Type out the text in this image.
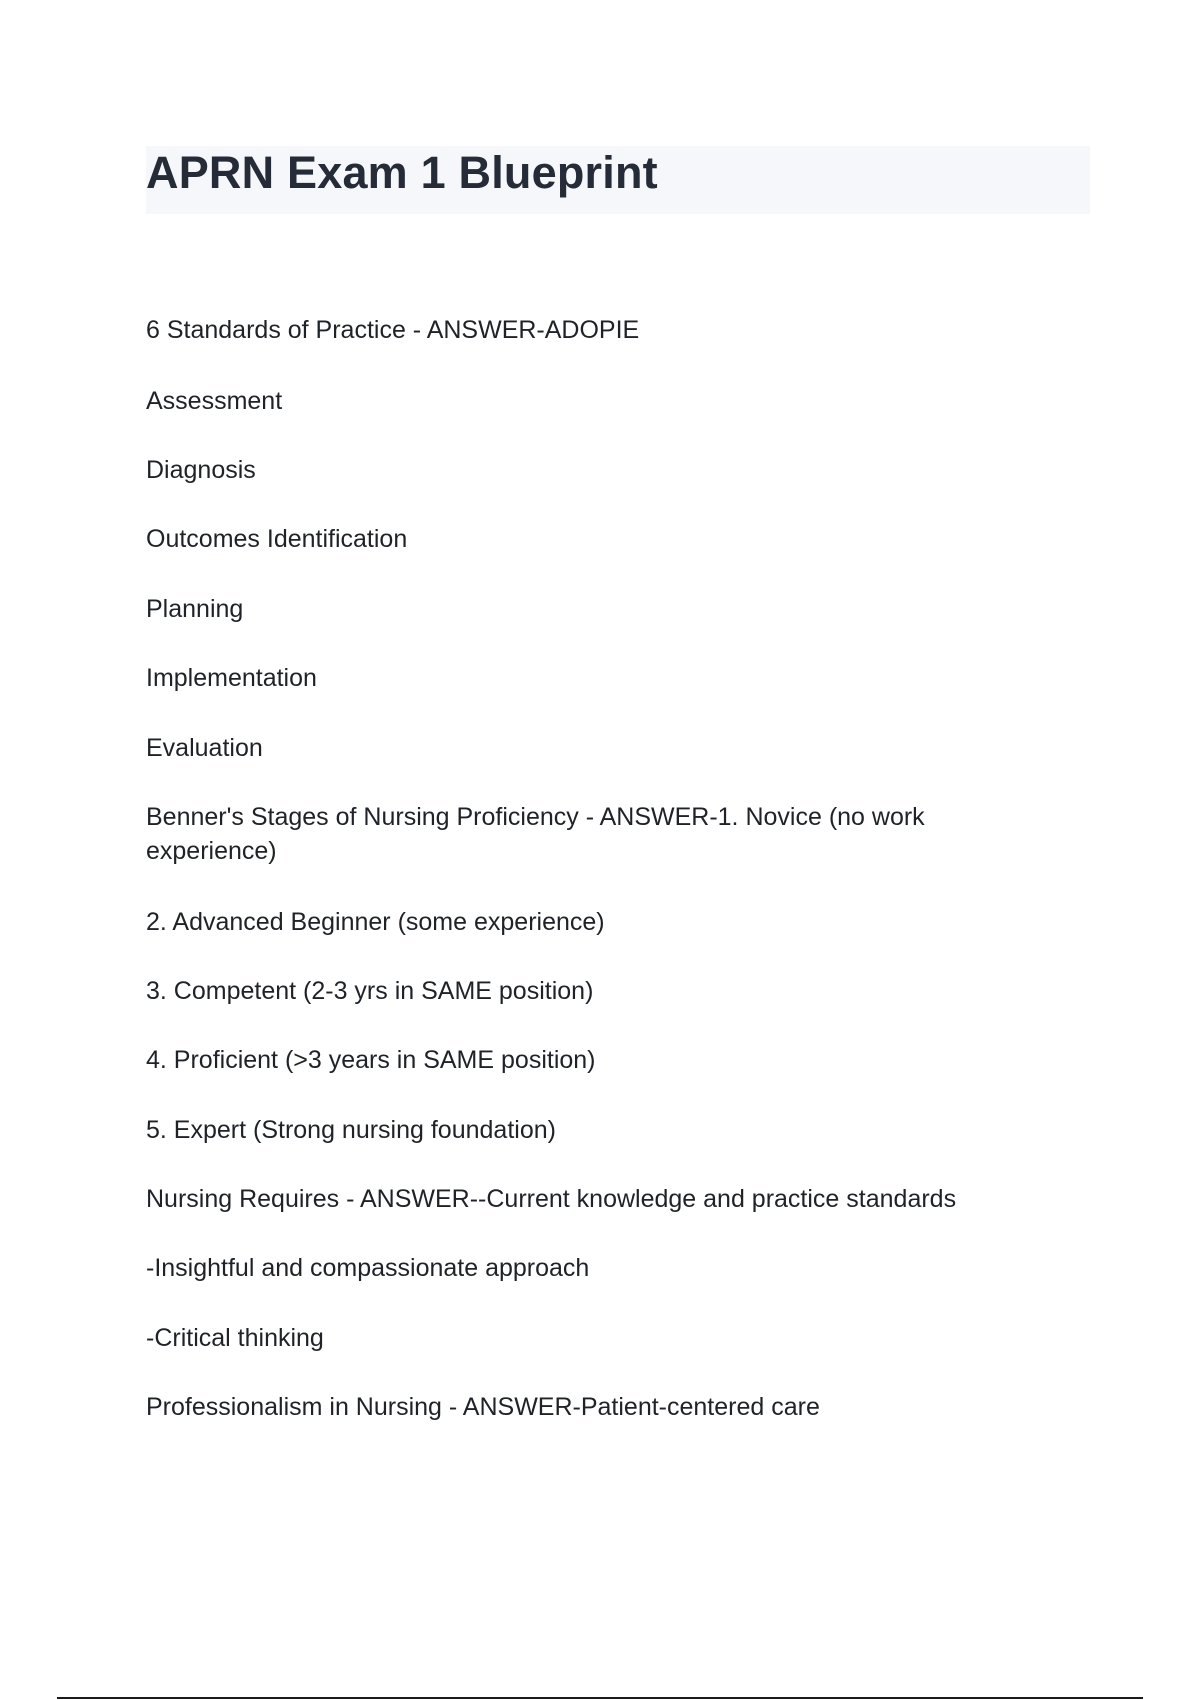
APRN Exam 1 Blueprint

6 Standards of Practice - ANSWER-ADOPIE

Assessment

Diagnosis

Outcomes Identification

Planning

Implementation

Evaluation

Benner's Stages of Nursing Proficiency - ANSWER-1. Novice (no work experience)

2. Advanced Beginner (some experience)

3. Competent (2-3 yrs in SAME position)

4. Proficient (>3 years in SAME position)

5. Expert (Strong nursing foundation)

Nursing Requires - ANSWER--Current knowledge and practice standards

-Insightful and compassionate approach

-Critical thinking

Professionalism in Nursing - ANSWER-Patient-centered care
